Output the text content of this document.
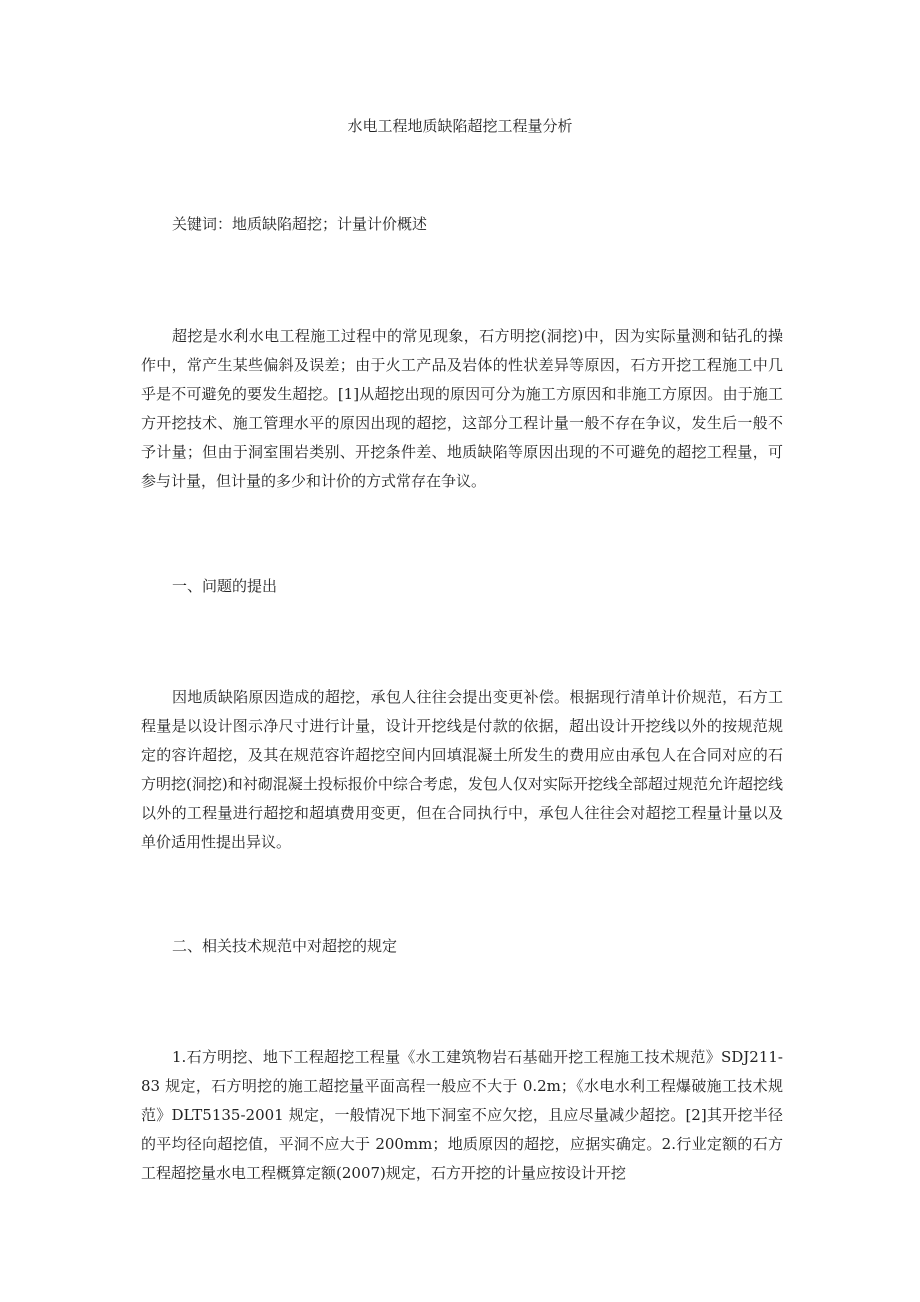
水电工程地质缺陷超挖工程量分析

关键词：地质缺陷超挖；计量计价概述

超挖是水利水电工程施工过程中的常见现象，石方明挖(洞挖)中，因为实际量测和钻孔的操作中，常产生某些偏斜及误差；由于火工产品及岩体的性状差异等原因，石方开挖工程施工中几乎是不可避免的要发生超挖。[1]从超挖出现的原因可分为施工方原因和非施工方原因。由于施工方开挖技术、施工管理水平的原因出现的超挖，这部分工程计量一般不存在争议，发生后一般不予计量；但由于洞室围岩类别、开挖条件差、地质缺陷等原因出现的不可避免的超挖工程量，可参与计量，但计量的多少和计价的方式常存在争议。

一、问题的提出

因地质缺陷原因造成的超挖，承包人往往会提出变更补偿。根据现行清单计价规范，石方工程量是以设计图示净尺寸进行计量，设计开挖线是付款的依据，超出设计开挖线以外的按规范规定的容许超挖，及其在规范容许超挖空间内回填混凝土所发生的费用应由承包人在合同对应的石方明挖(洞挖)和衬砌混凝土投标报价中综合考虑，发包人仅对实际开挖线全部超过规范允许超挖线以外的工程量进行超挖和超填费用变更，但在合同执行中，承包人往往会对超挖工程量计量以及单价适用性提出异议。

二、相关技术规范中对超挖的规定

1.石方明挖、地下工程超挖工程量《水工建筑物岩石基础开挖工程施工技术规范》SDJ211-83 规定，石方明挖的施工超挖量平面高程一般应不大于 0.2m；《水电水利工程爆破施工技术规范》DLT5135-2001 规定，一般情况下地下洞室不应欠挖，且应尽量减少超挖。[2]其开挖半径的平均径向超挖值，平洞不应大于 200mm；地质原因的超挖，应据实确定。2.行业定额的石方工程超挖量水电工程概算定额(2007)规定，石方开挖的计量应按设计开挖
